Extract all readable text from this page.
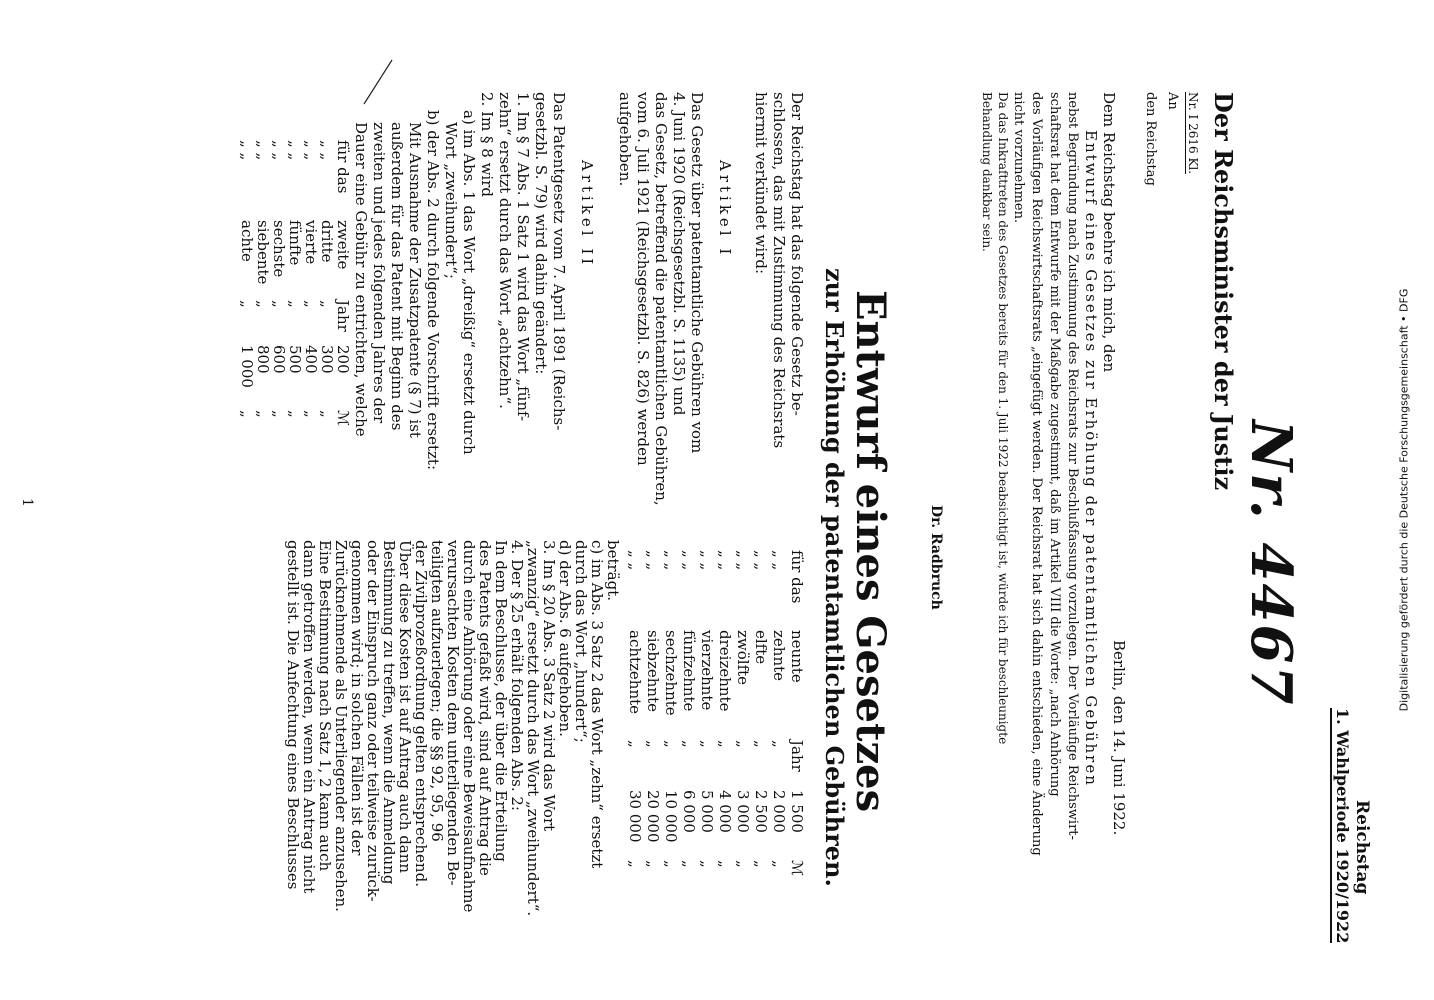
Digitalisierung gefördert durch die Deutsche Forschungsgemeinschaft • DFG
Reichstag
1. Wahlperiode 1920/1922
Nr. 4467
Der Reichsminister der Justiz
Nr. I 2616 Kl.
An
den Reichstag
Berlin, den 14. Juni 1922.
Dem Reichstag beehre ich mich, den
Entwurf eines Gesetzes zur Erhöhung der patentamtlichen Gebühren
nebst Begründung nach Zustimmung des Reichsrats zur Beschlußfassung vorzulegen. Der Vorläufige Reichswirt-
schaftsrat hat dem Entwurfe mit der Maßgabe zugestimmt, daß im Artikel VIII die Worte: „nach Anhörung
des Vorläufigen Reichswirtschaftsrats „eingefügt werden. Der Reichsrat hat sich dahin entschieden, eine Änderung
nicht vorzunehmen.
Da das Inkrafttreten des Gesetzes bereits für den 1. Juli 1922 beabsichtigt ist, würde ich für beschleunigte
Behandlung dankbar sein.
Dr. Radbruch
Entwurf eines Gesetzes
zur Erhöhung der patentamtlichen Gebühren.
Der Reichstag hat das folgende Gesetz be-
schlossen, das mit Zustimmung des Reichsrats
hiermit verkündet wird:
Artikel I
Das Gesetz über patentamtliche Gebühren vom
4. Juni 1920 (Reichsgesetzbl. S. 1135) und
das Gesetz, betreffend die patentamtlichen Gebühren,
vom 6. Juli 1921 (Reichsgesetzbl. S. 826) werden
aufgehoben.
Artikel II
Das Patentgesetz vom 7. April 1891 (Reichs-
gesetzbl. S. 79) wird dahin geändert:
1. Im § 7 Abs. 1 Satz 1 wird das Wort „fünf-
zehn“ ersetzt durch das Wort „achtzehn“.
2. Im § 8 wird
a) im Abs. 1 das Wort „dreißig“ ersetzt durch
Wort „zweihundert“;
b) der Abs. 2 durch folgende Vorschrift ersetzt:
Mit Ausnahme der Zusatzpatente (§ 7) ist
außerdem für das Patent mit Beginn des
zweiten und jedes folgenden Jahres der
Dauer eine Gebühr zu entrichten, welche
für das
zweite
Jahr
200
ℳ
„ „
dritte
„
300
„
„ „
vierte
„
400
„
„ „
fünfte
„
500
„
„ „
sechste
„
600
„
„ „
siebente
„
800
„
„ „
achte
„
1 000
„
für das
neunte
Jahr
1 500
ℳ
„ „
zehnte
„
2 000
„
„ „
elfte
„
2 500
„
„ „
zwölfte
„
3 000
„
„ „
dreizehnte
„
4 000
„
„ „
vierzehnte
„
5 000
„
„ „
fünfzehnte
„
6 000
„
„ „
sechzehnte
„
10 000
„
„ „
siebzehnte
„
20 000
„
„ „
achtzehnte
„
30 000
„
beträgt.
c) im Abs. 3 Satz 2 das Wort „zehn“ ersetzt
durch das Wort „hundert“;
d) der Abs. 6 aufgehoben.
3. Im § 20 Abs. 3 Satz 2 wird das Wort
„zwanzig“ ersetzt durch das Wort „zweihundert“.
4. Der § 25 erhält folgenden Abs. 2:
In dem Beschlusse, der über die Erteilung
des Patents gefaßt wird, sind auf Antrag die
durch eine Anhörung oder eine Beweisaufnahme
verursachten Kosten dem unterliegenden Be-
teiligten aufzuerlegen; die §§ 92, 95, 96
der Zivilprozeßordnung gelten entsprechend.
Über diese Kosten ist auf Antrag auch dann
Bestimmung zu treffen, wenn die Anmeldung
oder der Einspruch ganz oder teilweise zurück-
genommen wird; in solchen Fällen ist der
Zurücknehmende als Unterliegender anzusehen.
Eine Bestimmung nach Satz 1, 2 kann auch
dann getroffen werden, wenn ein Antrag nicht
gestellt ist. Die Anfechtung eines Beschlusses
1
